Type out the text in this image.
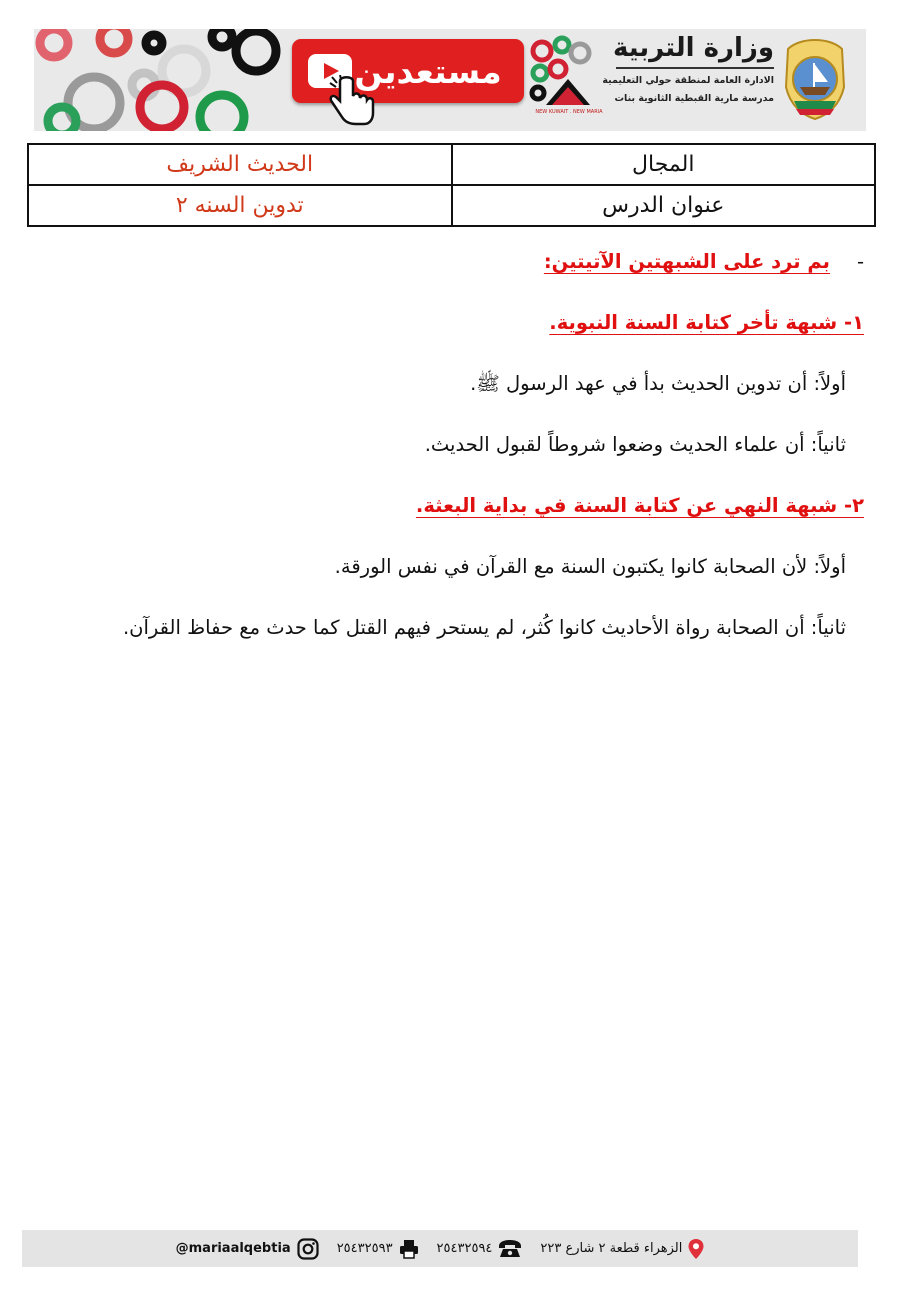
مستعدين
NEW KUWAIT . NEW MARIA
وزارة التربية
الادارة العامة لمنطقة حولي التعليمية
مدرسة مارية القبطية الثانوية بنات
المجال	الحديث الشريف
عنوان الدرس	تدوين السنه ٢
-
بم ترد على الشبهتين الآتيتين:
١- شبهة تأخر كتابة السنة النبوية.
أولاً: أن تدوين الحديث بدأ في عهد الرسول ﷺ.
ثانياً: أن علماء الحديث وضعوا شروطاً لقبول الحديث.
٢- شبهة النهي عن كتابة السنة في بداية البعثة.
أولاً: لأن الصحابة كانوا يكتبون السنة مع القرآن في نفس الورقة.
ثانياً: أن الصحابة رواة الأحاديث كانوا كُثر، لم يستحر فيهم القتل كما حدث مع حفاظ القرآن.
الزهراء قطعة ٢ شارع ٢٢٣
٢٥٤٣٢٥٩٤
٢٥٤٣٢٥٩٣
@mariaalqebtia
